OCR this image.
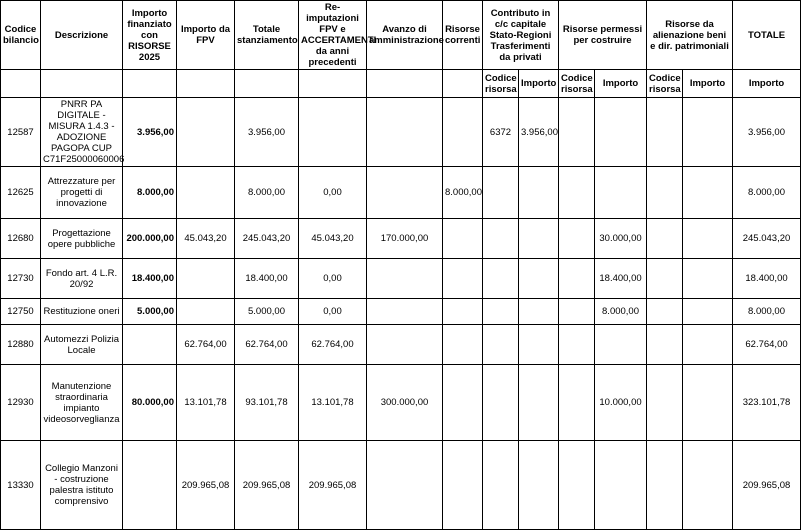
Codice bilancio	Descrizione	Importo finanziato con RISORSE 2025	Importo da FPV	Totale stanziamento	Re-imputazioni FPV e ACCERTAMENTI da anni precedenti	Avanzo di amministrazione	Risorse correnti	Contributo in c/c capitale Stato-Regioni Trasferimenti da privati		Risorse permessi per costruire		Risorse da alienazione beni e dir. patrimoniali		TOTALE
								Codice risorsa	Importo	Codice risorsa	Importo	Codice risorsa	Importo	Importo
12587	PNRR PA DIGITALE - MISURA 1.4.3 - ADOZIONE PAGOPA CUP C71F25000060006	3.956,00		3.956,00				6372	3.956,00					3.956,00
12625	Attrezzature per progetti di innovazione	8.000,00		8.000,00	0,00		8.000,00							8.000,00
12680	Progettazione opere pubbliche	200.000,00	45.043,20	245.043,20	45.043,20	170.000,00					30.000,00			245.043,20
12730	Fondo art. 4 L.R. 20/92	18.400,00		18.400,00	0,00						18.400,00			18.400,00
12750	Restituzione oneri	5.000,00		5.000,00	0,00						8.000,00			8.000,00
12880	Automezzi Polizia Locale		62.764,00	62.764,00	62.764,00									62.764,00
12930	Manutenzione straordinaria impianto videosorveglianza	80.000,00	13.101,78	93.101,78	13.101,78	300.000,00					10.000,00			323.101,78
13330	Collegio Manzoni - costruzione palestra istituto comprensivo		209.965,08	209.965,08	209.965,08									209.965,08
